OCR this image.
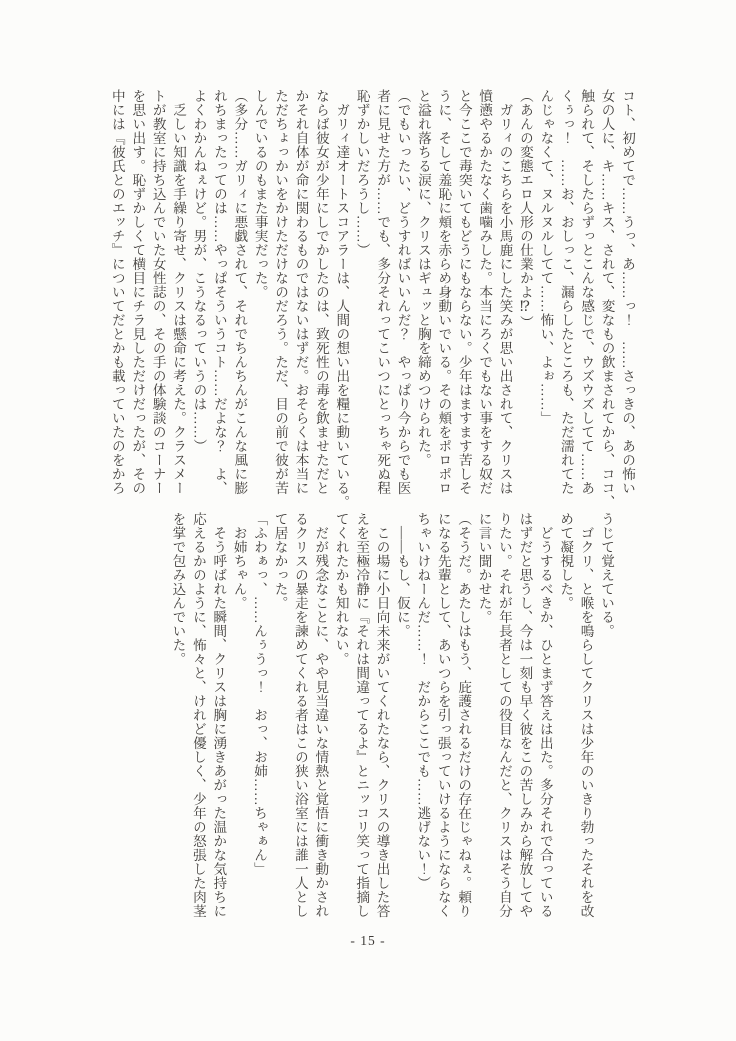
コト、初めてで……うっ、あ……っ！　……さっきの、あの怖い
女の人に、キ……キス、されて、変なもの飲まされてから、ココ、
触られて、そしたらずっとこんな感じで、ウズウズしてて……あ
くぅっ！　……お、おしっこ、漏らしたところも、ただ濡れてた
んじゃなくて、ヌルヌルしてて……怖い、よぉ……」
（あんの変態エロ人形の仕業かよ⁉）
　ガリィのこちらを小馬鹿にした笑みが思い出されて、クリスは
憤懣やるかたなく歯噛みした。本当にろくでもない事をする奴だ
と今ここで毒突いてもどうにもならない。少年はますます苦しそ
うに、そして羞恥に頬を赤らめ身動いでいる。その頬をポロポロ
と溢れ落ちる涙に、クリスはギュッと胸を締めつけられた。
（でもいったい、どうすればいいんだ？　やっぱり今からでも医
者に見せた方が……でも、多分それってこいつにとっちゃ死ぬ程
恥ずかしいだろうし……）
　ガリィ達オートスコアラーは、人間の想い出を糧に動いている。
ならば彼女が少年にしでかしたのは、致死性の毒を飲ませただと
かそれ自体が命に関わるものではないはずだ。おそらくは本当に
ただちょっかいをかけただけなのだろう。ただ、目の前で彼が苦
しんでいるのもまた事実だった。
（多分……ガリィに悪戯されて、それでちんちんがこんな風に膨
れちまったってのは……やっぱそういうコト……だよな？　よ、
よくわかんねぇけど。男が、こうなるっていうのは……）
　乏しい知識を手繰り寄せ、クリスは懸命に考えた。クラスメー
トが教室に持ち込んでいた女性誌の、その手の体験談のコーナー
を思い出す。恥ずかしくて横目にチラ見しただけだったが、その
中には『彼氏とのエッチ』についてだとかも載っていたのをかろ
うじて覚えている。
　ゴクリ、と喉を鳴らしてクリスは少年のいきり勃ったそれを改
めて凝視した。
　どうするべきか、ひとまず答えは出た。多分それで合っている
はずだと思うし、今は一刻も早く彼をこの苦しみから解放してや
りたい。それが年長者としての役目なんだと、クリスはそう自分
に言い聞かせた。
（そうだ。あたしはもう、庇護されるだけの存在じゃねぇ。頼り
になる先輩として、あいつらを引っ張っていけるようにならなく
ちゃいけねーんだ……！　だからここでも……逃げない！）
　――もし、仮に。
　この場に小日向未来がいてくれたなら、クリスの導き出した答
えを至極冷静に『それは間違ってるよ』とニッコリ笑って指摘し
てくれたかも知れない。
　だが残念なことに、やや見当違いな情熱と覚悟に衝き動かされ
るクリスの暴走を諫めてくれる者はこの狭い浴室には誰一人とし
て居なかった。
「ふわぁっ、……んぅうっ！　おっ、お姉……ちゃぁん」
　お姉ちゃん。
　そう呼ばれた瞬間、クリスは胸に湧きあがった温かな気持ちに
応えるかのように、怖々と、けれど優しく、少年の怒張した肉茎
を掌で包み込んでいた。
- 15 -
